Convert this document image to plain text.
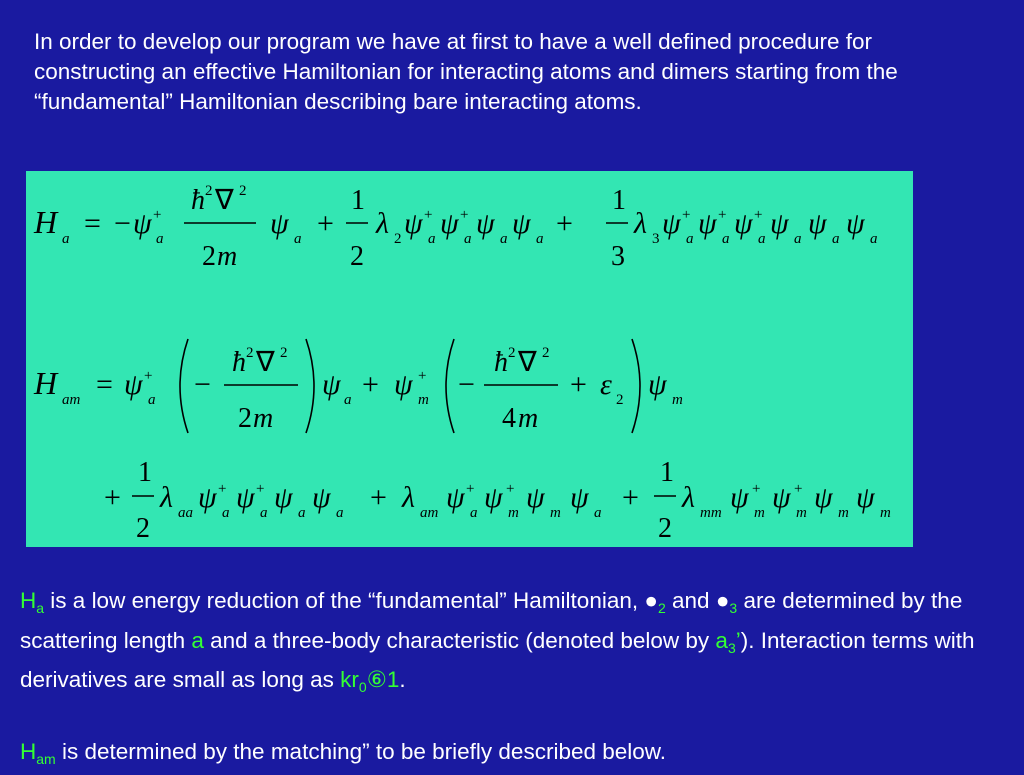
In order to develop our program we have at first to have a well defined procedure for constructing an effective Hamiltonian for interacting atoms and dimers starting from the “fundamental” Hamiltonian describing bare interacting atoms.
H a = − ψ +
a
ħ 2 ∇ 2
2 m
ψ a +
1
2
λ 2 ψ +
a ψ +
a ψ a ψ a +
1
3
λ 3 ψ +
a ψ +
a ψ +
a ψ a ψ a ψ a
H am = ψ +
a −
ħ 2 ∇ 2
2 m
ψ a + ψ +
m −
ħ 2 ∇ 2
4 m
+ ε 2 ψ m
+
1
2
λ aa ψ +
a ψ +
a ψ a ψ a + λ am ψ +
a ψ +
m ψ m ψ a +
1
2
λ mm ψ +
m ψ +
m ψ m ψ m

$H_a$ is a low energy reduction of the “fundamental” Hamiltonian, $●_2$ and $●_3$ are determined by the scattering length a and a three-body characteristic (denoted below by $a_3$’). Interaction terms with derivatives are small as long as $kr_0⑥1$.

$H_{am}$ is determined by the matching” to be briefly described below.
